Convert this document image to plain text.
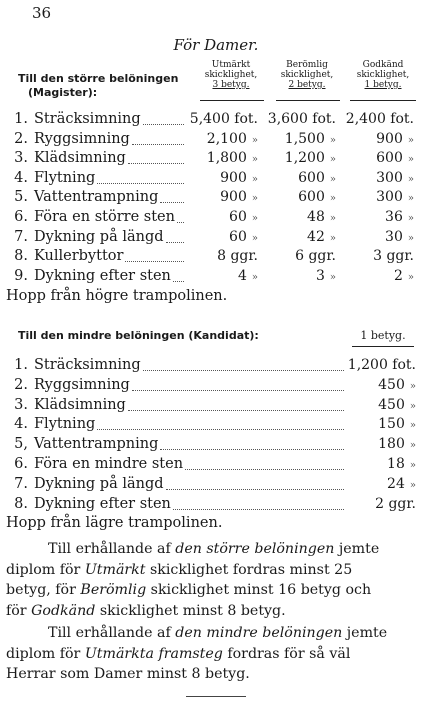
36
För Damer.
Till den större belöningen
(Magister):
Utmärkt
skicklighet,
3 betyg.
Berömlig
skicklighet,
2 betyg.
Godkänd
skicklighet,
1 betyg.
1. Sträcksimning	5,400 fot. 3,600 fot. 2,400 fot.
2. Ryggsimning	2,100 » 1,500 »	900 »
3. Klädsimning	1,800 » 1,200 »	600 »
4. Flytning	900 »	600 »	300 »
5. Vattentrampning	900 »	600 »	300 »
6. Föra en större sten	60 »	48 »	36 »
7. Dykning på längd	60 »	42 »	30 »
8. Kullerbyttor	8 ggr.	6 ggr.	3 ggr.
9. Dykning efter sten	4 »	3 »	2 »
Hopp från högre trampolinen.
Till den mindre belöningen (Kandidat):	1 betyg.
1. Sträcksimning	1,200 fot.
2. Ryggsimning	450 »
3. Klädsimning	450 »
4. Flytning	150 »
5, Vattentrampning	180 »
6. Föra en mindre sten	18 »
7. Dykning på längd	24 »
8. Dykning efter sten	2 ggr.
Hopp från lägre trampolinen.
Till erhållande af den större belöningen jemte
diplom för Utmärkt skicklighet fordras minst 25
betyg, för Berömlig skicklighet minst 16 betyg och
för Godkänd skicklighet minst 8 betyg.
Till erhållande af den mindre belöningen jemte
diplom för Utmärkta framsteg fordras för så väl
Herrar som Damer minst 8 betyg.
